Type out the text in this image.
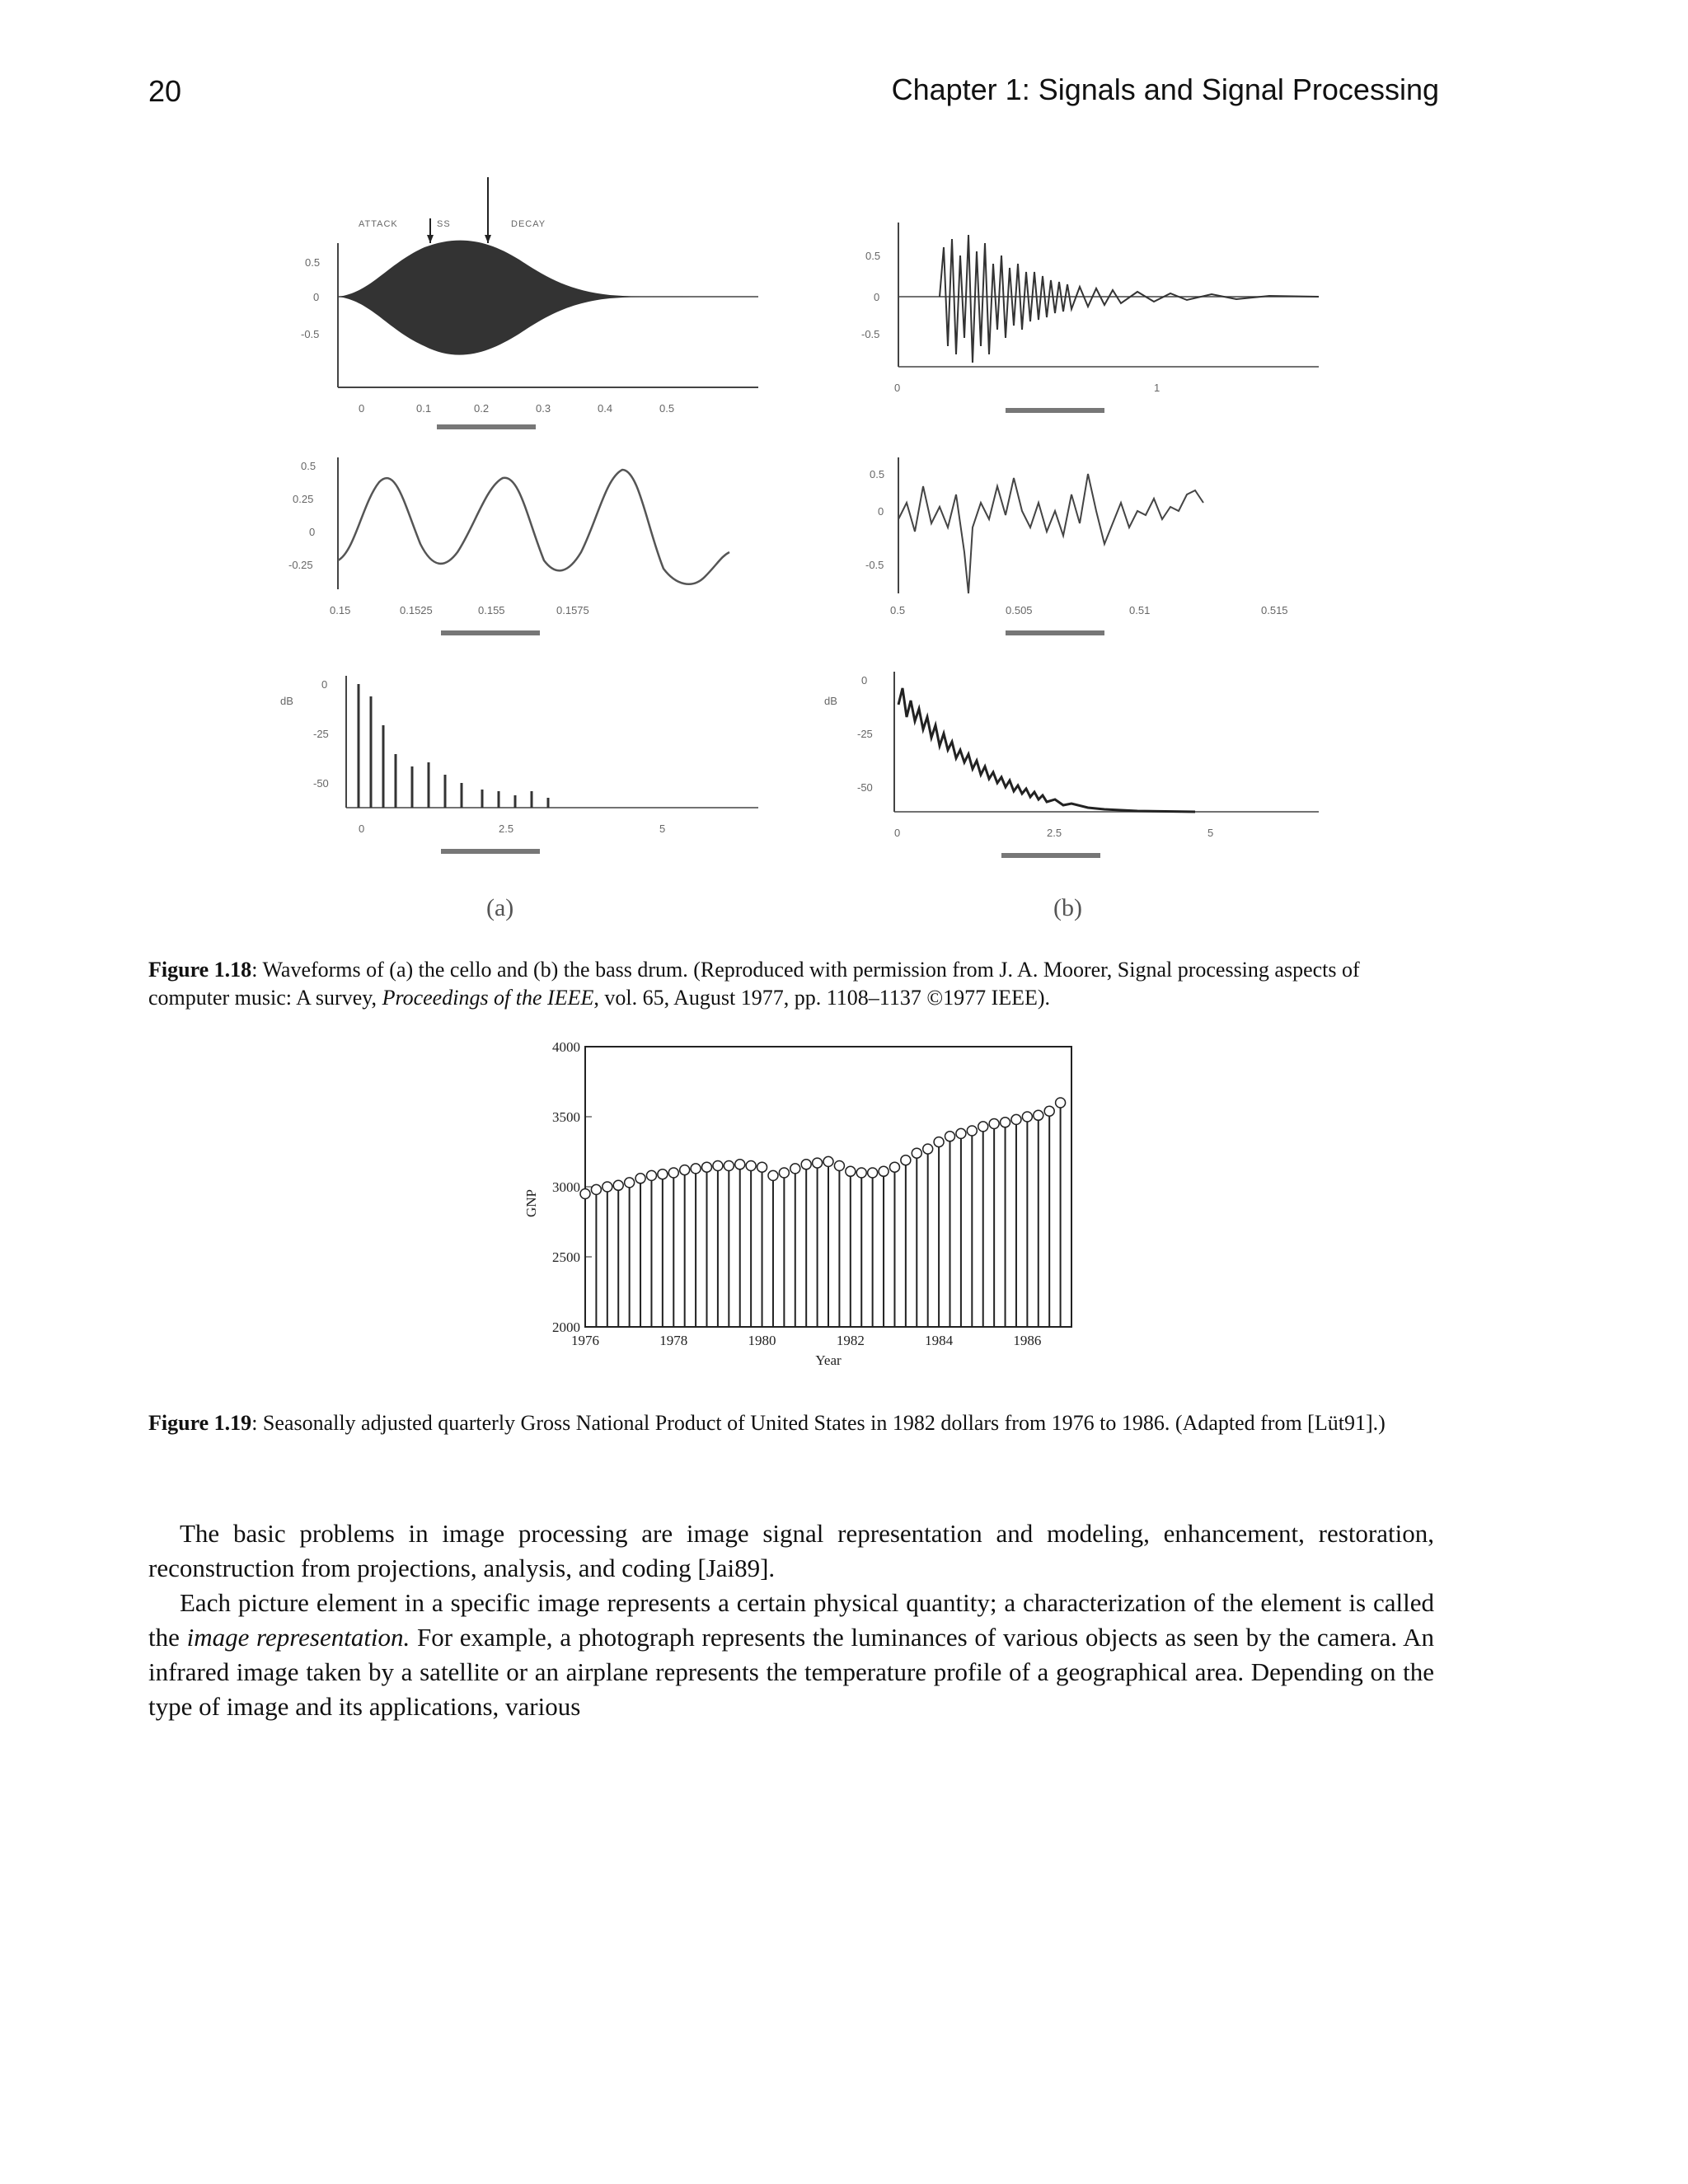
20	Chapter 1: Signals and Signal Processing
ATTACK	SS	DECAY
0.5
0
-0.5
0	0.1	0.2	0.3	0.4	0.5
0.5
0
-0.5
0	1
0.5
0.25
0
-0.25
0.15	0.1525	0.155	0.1575
0.5
0
-0.5
0.5	0.505	0.51	0.515
dB
0
-25
-50
0	2.5	5
dB
0
-25
-50
0	2.5	5
(a)	(b)
Figure 1.18: Waveforms of (a) the cello and (b) the bass drum. (Reproduced with permission from J. A. Moorer, Signal processing aspects of computer music: A survey, Proceedings of the IEEE, vol. 65, August 1977, pp. 1108–1137 ©1977 IEEE).
2000
2500
3000
3500
4000
1976	1978	1980	1982	1984	1986
GNP
Year
Figure 1.19: Seasonally adjusted quarterly Gross National Product of United States in 1982 dollars from 1976 to 1986. (Adapted from [Lüt91].)

The basic problems in image processing are image signal representation and modeling, enhancement, restoration, reconstruction from projections, analysis, and coding [Jai89].

Each picture element in a specific image represents a certain physical quantity; a characterization of the element is called the image representation. For example, a photograph represents the luminances of various objects as seen by the camera. An infrared image taken by a satellite or an airplane represents the temperature profile of a geographical area. Depending on the type of image and its applications, various
